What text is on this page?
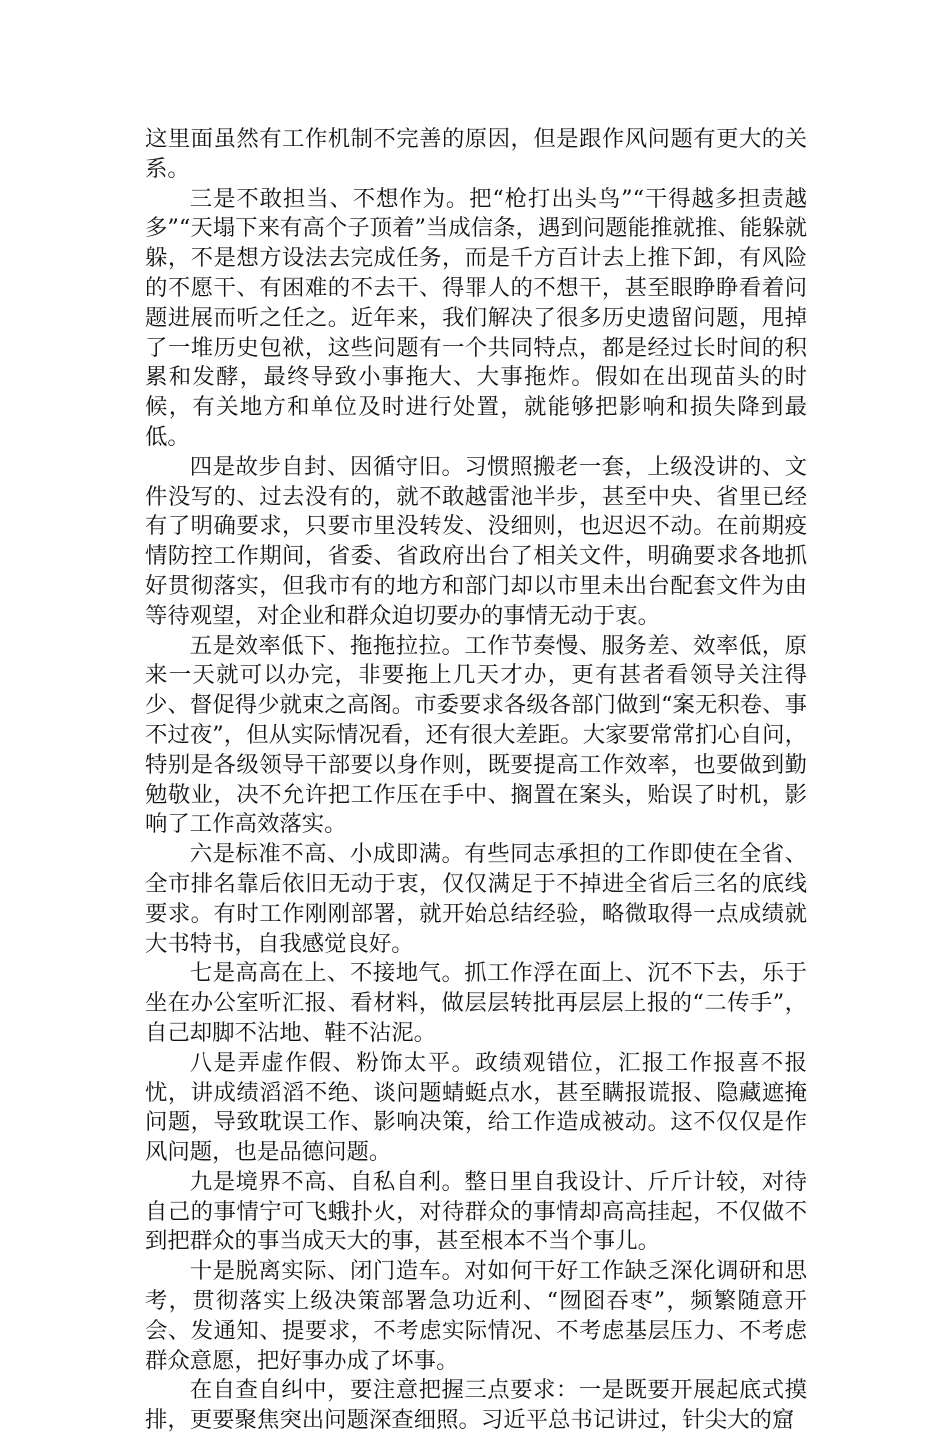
这里面虽然有工作机制不完善的原因，但是跟作风问题有更大的关系。

三是不敢担当、不想作为。把“枪打出头鸟”“干得越多担责越多”“天塌下来有高个子顶着”当成信条，遇到问题能推就推、能躲就躲，不是想方设法去完成任务，而是千方百计去上推下卸，有风险的不愿干、有困难的不去干、得罪人的不想干，甚至眼睁睁看着问题进展而听之任之。近年来，我们解决了很多历史遗留问题，甩掉了一堆历史包袱，这些问题有一个共同特点，都是经过长时间的积累和发酵，最终导致小事拖大、大事拖炸。假如在出现苗头的时候，有关地方和单位及时进行处置，就能够把影响和损失降到最低。

四是故步自封、因循守旧。习惯照搬老一套，上级没讲的、文件没写的、过去没有的，就不敢越雷池半步，甚至中央、省里已经有了明确要求，只要市里没转发、没细则，也迟迟不动。在前期疫情防控工作期间，省委、省政府出台了相关文件，明确要求各地抓好贯彻落实，但我市有的地方和部门却以市里未出台配套文件为由等待观望，对企业和群众迫切要办的事情无动于衷。

五是效率低下、拖拖拉拉。工作节奏慢、服务差、效率低，原来一天就可以办完，非要拖上几天才办，更有甚者看领导关注得少、督促得少就束之高阁。市委要求各级各部门做到“案无积卷、事不过夜”，但从实际情况看，还有很大差距。大家要常常扪心自问，特别是各级领导干部要以身作则，既要提高工作效率，也要做到勤勉敬业，决不允许把工作压在手中、搁置在案头，贻误了时机，影响了工作高效落实。

六是标准不高、小成即满。有些同志承担的工作即使在全省、全市排名靠后依旧无动于衷，仅仅满足于不掉进全省后三名的底线要求。有时工作刚刚部署，就开始总结经验，略微取得一点成绩就大书特书，自我感觉良好。

七是高高在上、不接地气。抓工作浮在面上、沉不下去，乐于坐在办公室听汇报、看材料，做层层转批再层层上报的“二传手”，自己却脚不沾地、鞋不沾泥。

八是弄虚作假、粉饰太平。政绩观错位，汇报工作报喜不报忧，讲成绩滔滔不绝、谈问题蜻蜓点水，甚至瞒报谎报、隐藏遮掩问题，导致耽误工作、影响决策，给工作造成被动。这不仅仅是作风问题，也是品德问题。

九是境界不高、自私自利。整日里自我设计、斤斤计较，对待自己的事情宁可飞蛾扑火，对待群众的事情却高高挂起，不仅做不到把群众的事当成天大的事，甚至根本不当个事儿。

十是脱离实际、闭门造车。对如何干好工作缺乏深化调研和思考，贯彻落实上级决策部署急功近利、“囫囵吞枣”，频繁随意开会、发通知、提要求，不考虑实际情况、不考虑基层压力、不考虑群众意愿，把好事办成了坏事。

在自查自纠中，要注意把握三点要求：一是既要开展起底式摸排，更要聚焦突出问题深查细照。习近平总书记讲过，针尖大的窟
